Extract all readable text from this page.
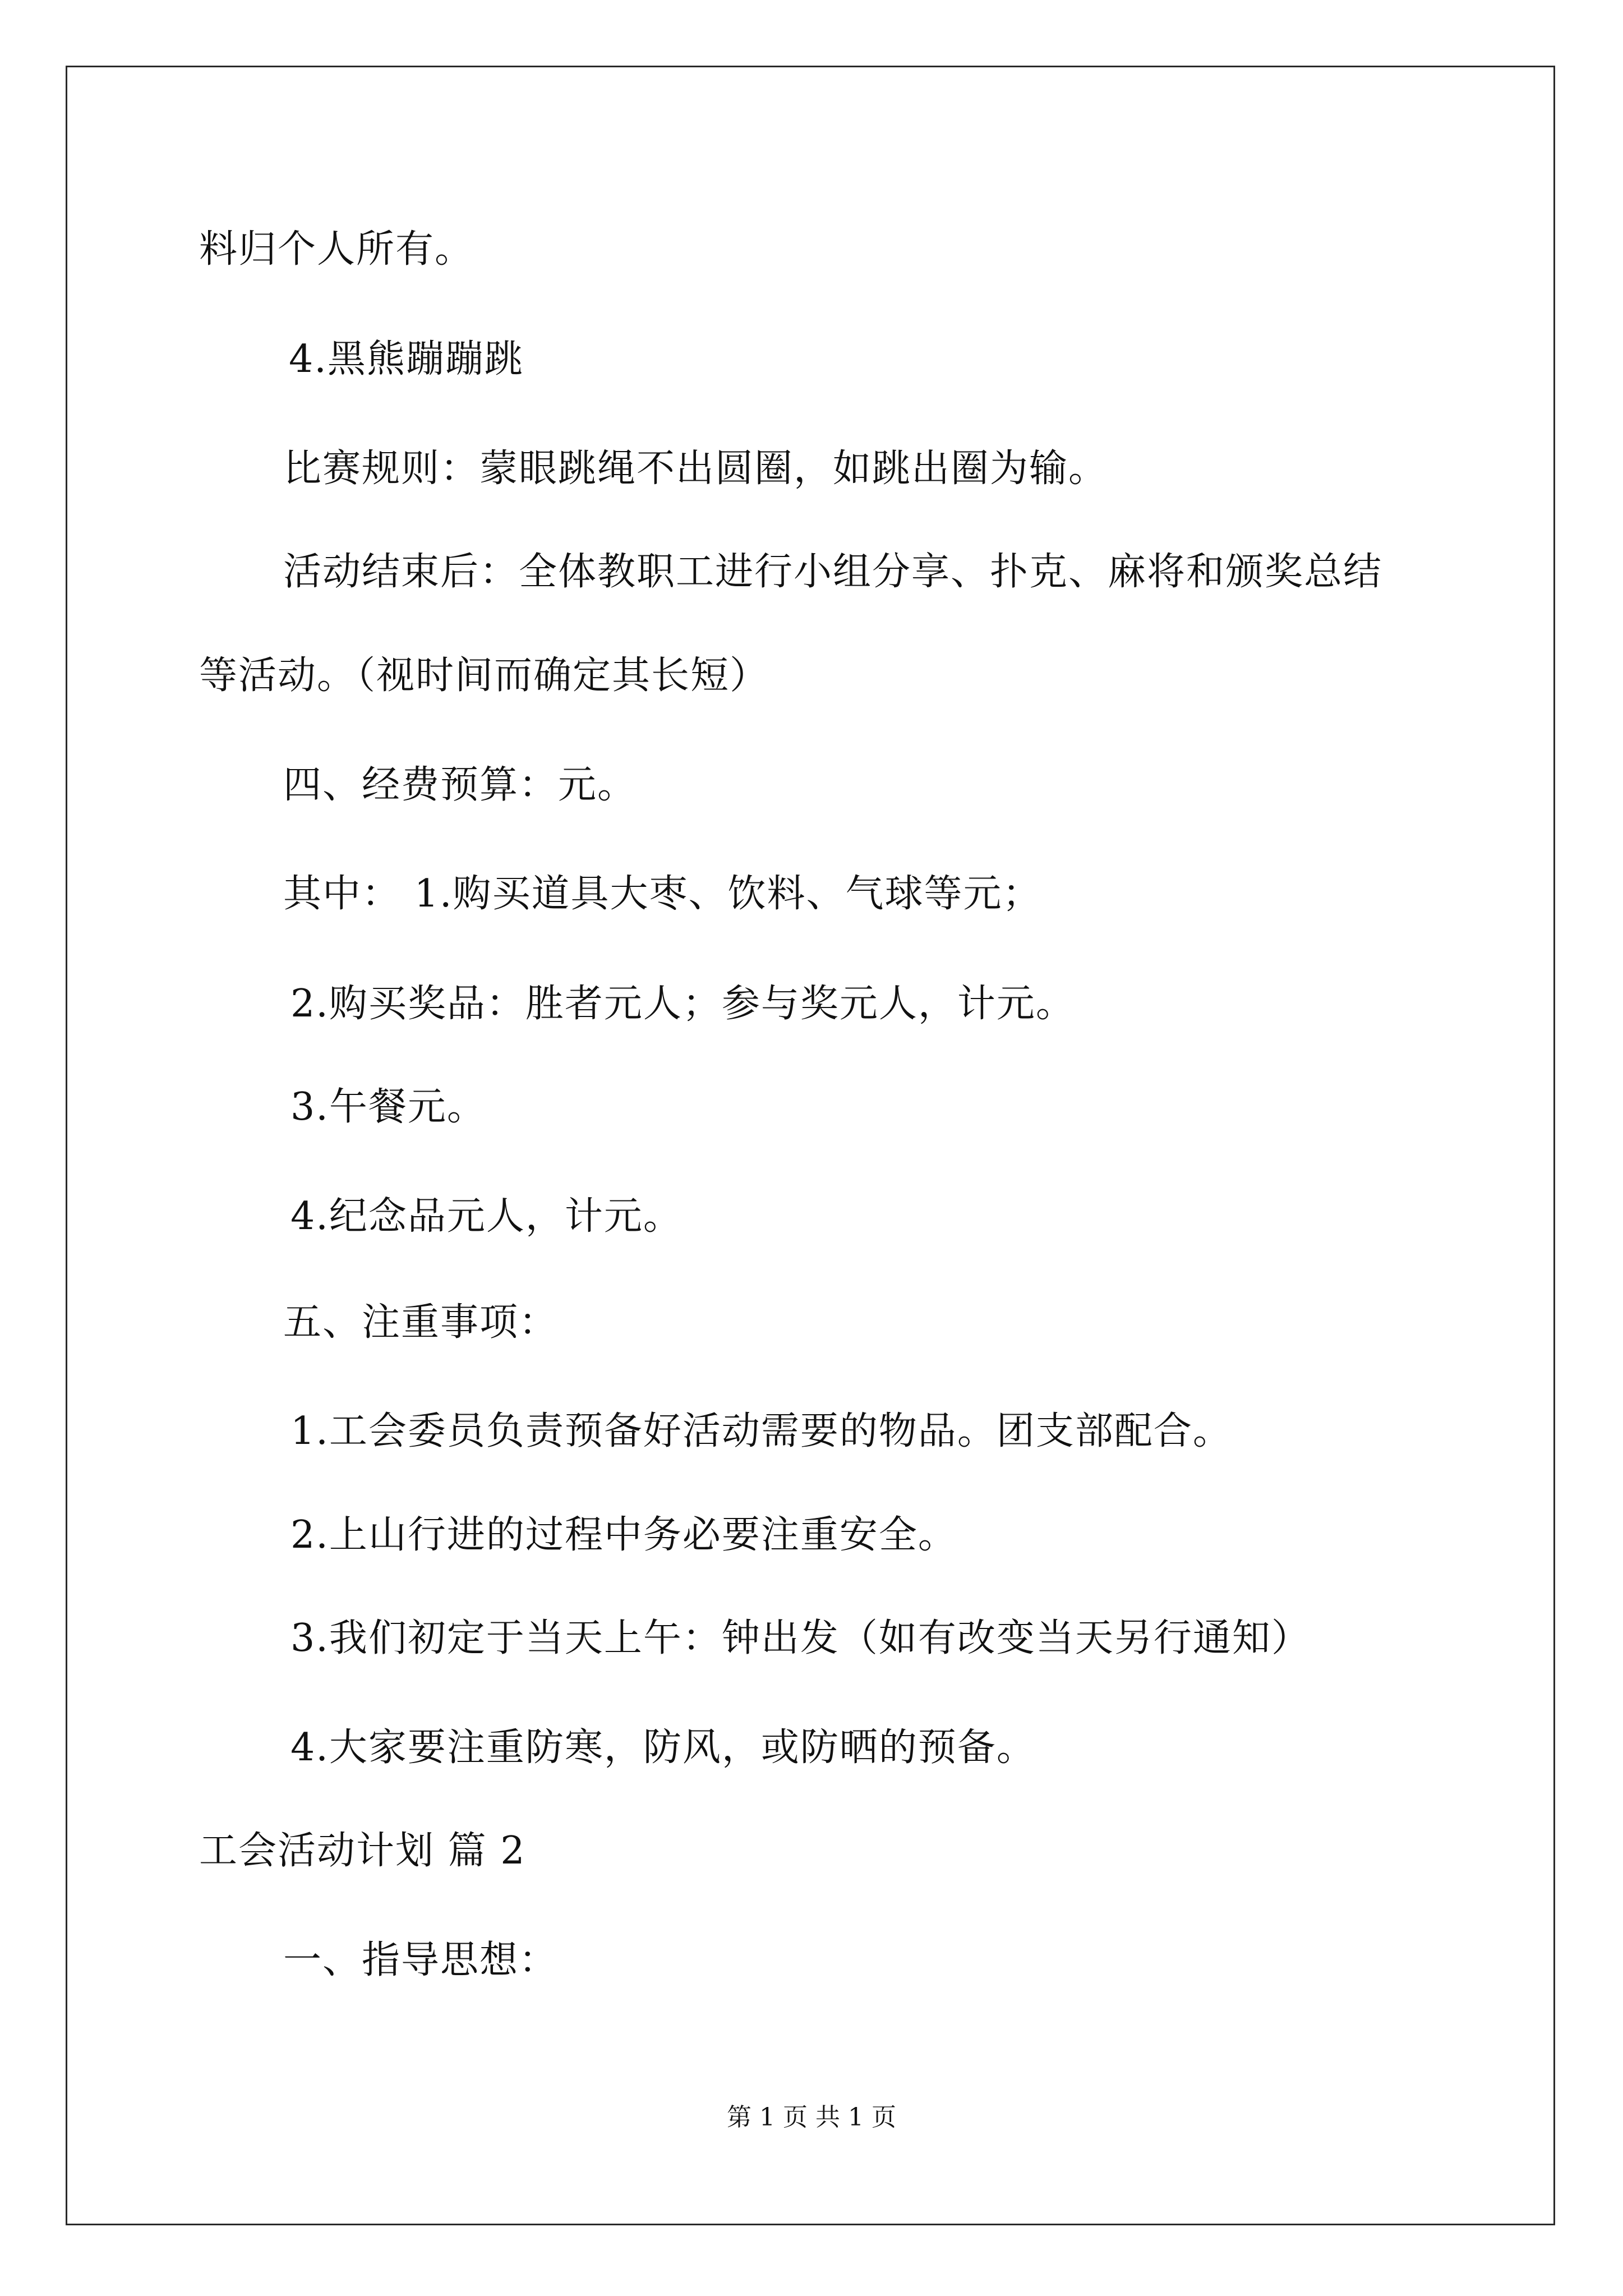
料归个人所有。
4.黑熊蹦蹦跳
比赛规则：蒙眼跳绳不出圆圈，如跳出圈为输。
活动结束后：全体教职工进行小组分享、扑克、麻将和颁奖总结
等活动。（视时间而确定其长短）
四、经费预算：元。
其中： 1.购买道具大枣、饮料、气球等元；
2.购买奖品：胜者元人；参与奖元人，计元。
3.午餐元。
4.纪念品元人，计元。
五、注重事项：
1.工会委员负责预备好活动需要的物品。团支部配合。
2.上山行进的过程中务必要注重安全。
3.我们初定于当天上午：钟出发（如有改变当天另行通知）
4.大家要注重防寒，防风，或防晒的预备。
工会活动计划 篇 2
一、指导思想：
第 1 页 共 1 页
